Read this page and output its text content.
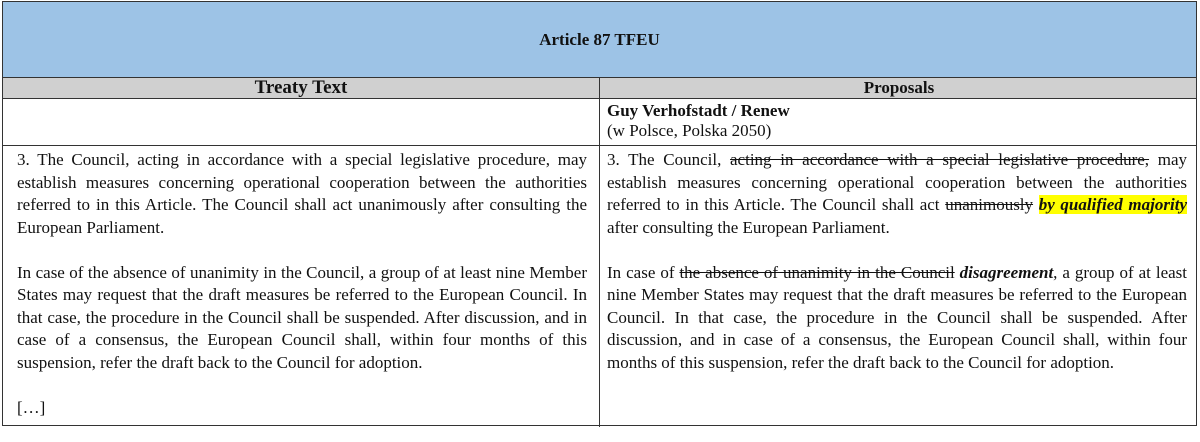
Article 87 TFEU
Treaty Text	Proposals
Guy Verhofstadt / Renew
(w Polsce, Polska 2050)

3. The Council, acting in accordance with a special legislative procedure, may establish measures concerning operational cooperation between the authorities referred to in this Article. The Council shall act unanimously after consulting the European Parliament.

In case of the absence of unanimity in the Council, a group of at least nine Member States may request that the draft measures be referred to the European Council. In that case, the procedure in the Council shall be suspended. After discussion, and in case of a consensus, the European Council shall, within four months of this suspension, refer the draft back to the Council for adoption.

[…]

3. The Council, acting in accordance with a special legislative procedure, may establish measures concerning operational cooperation between the authorities referred to in this Article. The Council shall act unanimously by qualified majority after consulting the European Parliament.

In case of the absence of unanimity in the Council disagreement, a group of at least nine Member States may request that the draft measures be referred to the European Council. In that case, the procedure in the Council shall be suspended. After discussion, and in case of a consensus, the European Council shall, within four months of this suspension, refer the draft back to the Council for adoption.
